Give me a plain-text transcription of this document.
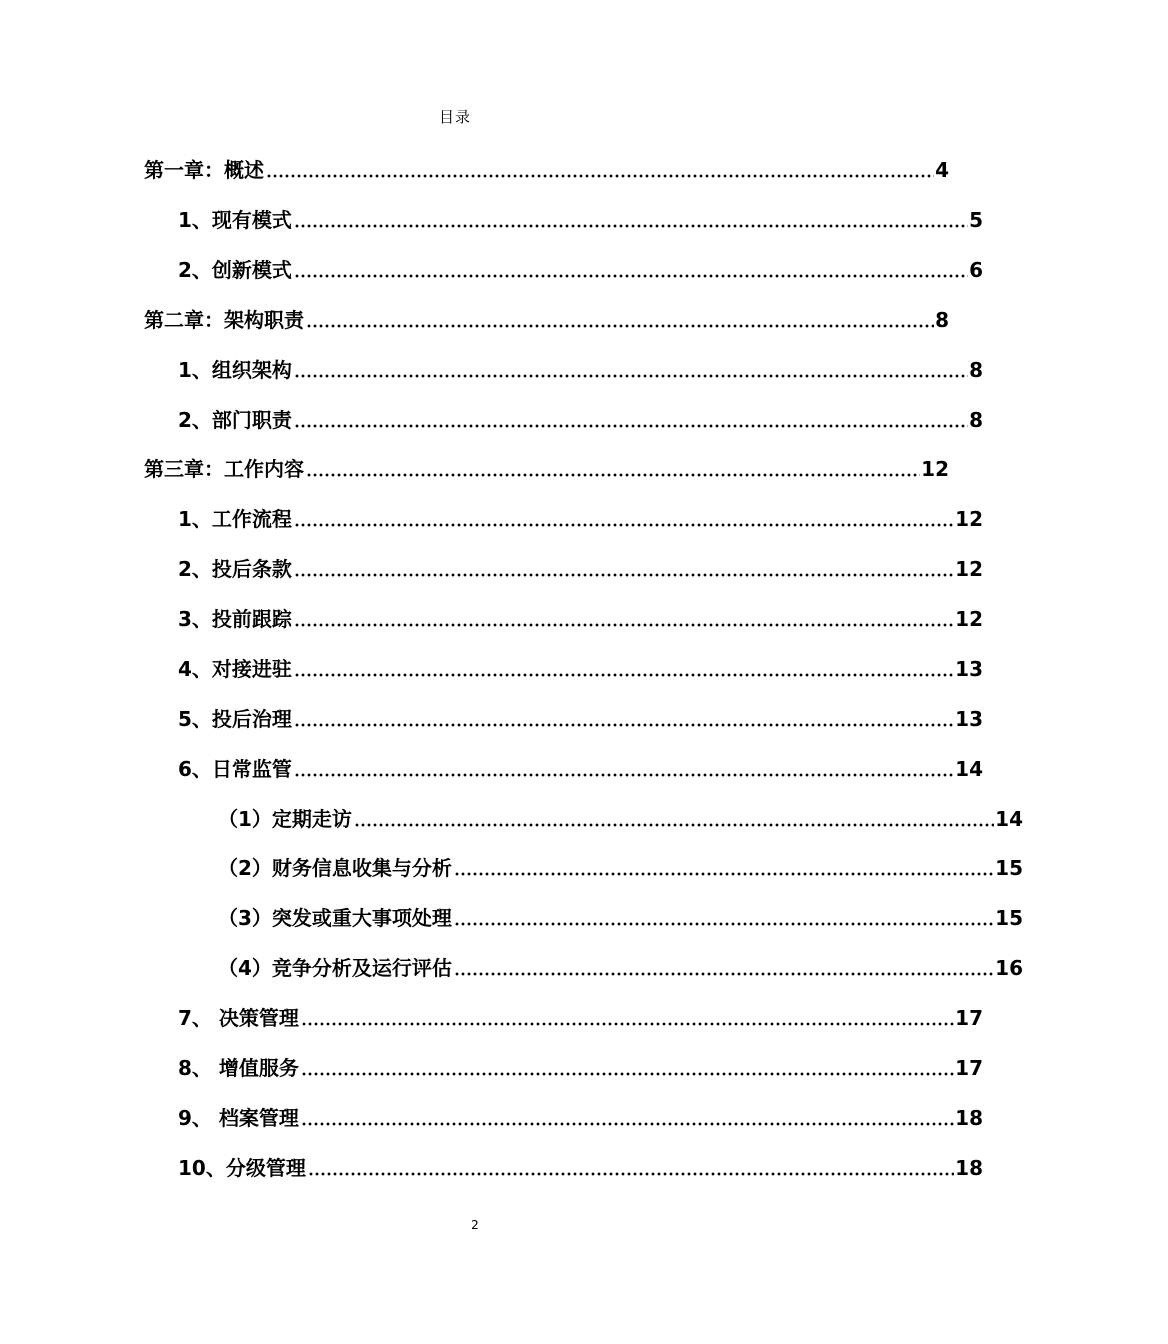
目录
第一章：概述	4
1、现有模式	5
2、创新模式	6
第二章：架构职责	8
1、组织架构	8
2、部门职责	8
第三章：工作内容	12
1、工作流程	12
2、投后条款	12
3、投前跟踪	12
4、对接进驻	13
5、投后治理	13
6、日常监管	14
（1）定期走访	14
（2）财务信息收集与分析	15
（3）突发或重大事项处理	15
（4）竞争分析及运行评估	16
7、 决策管理	17
8、 增值服务	17
9、 档案管理	18
10、分级管理	18
2
